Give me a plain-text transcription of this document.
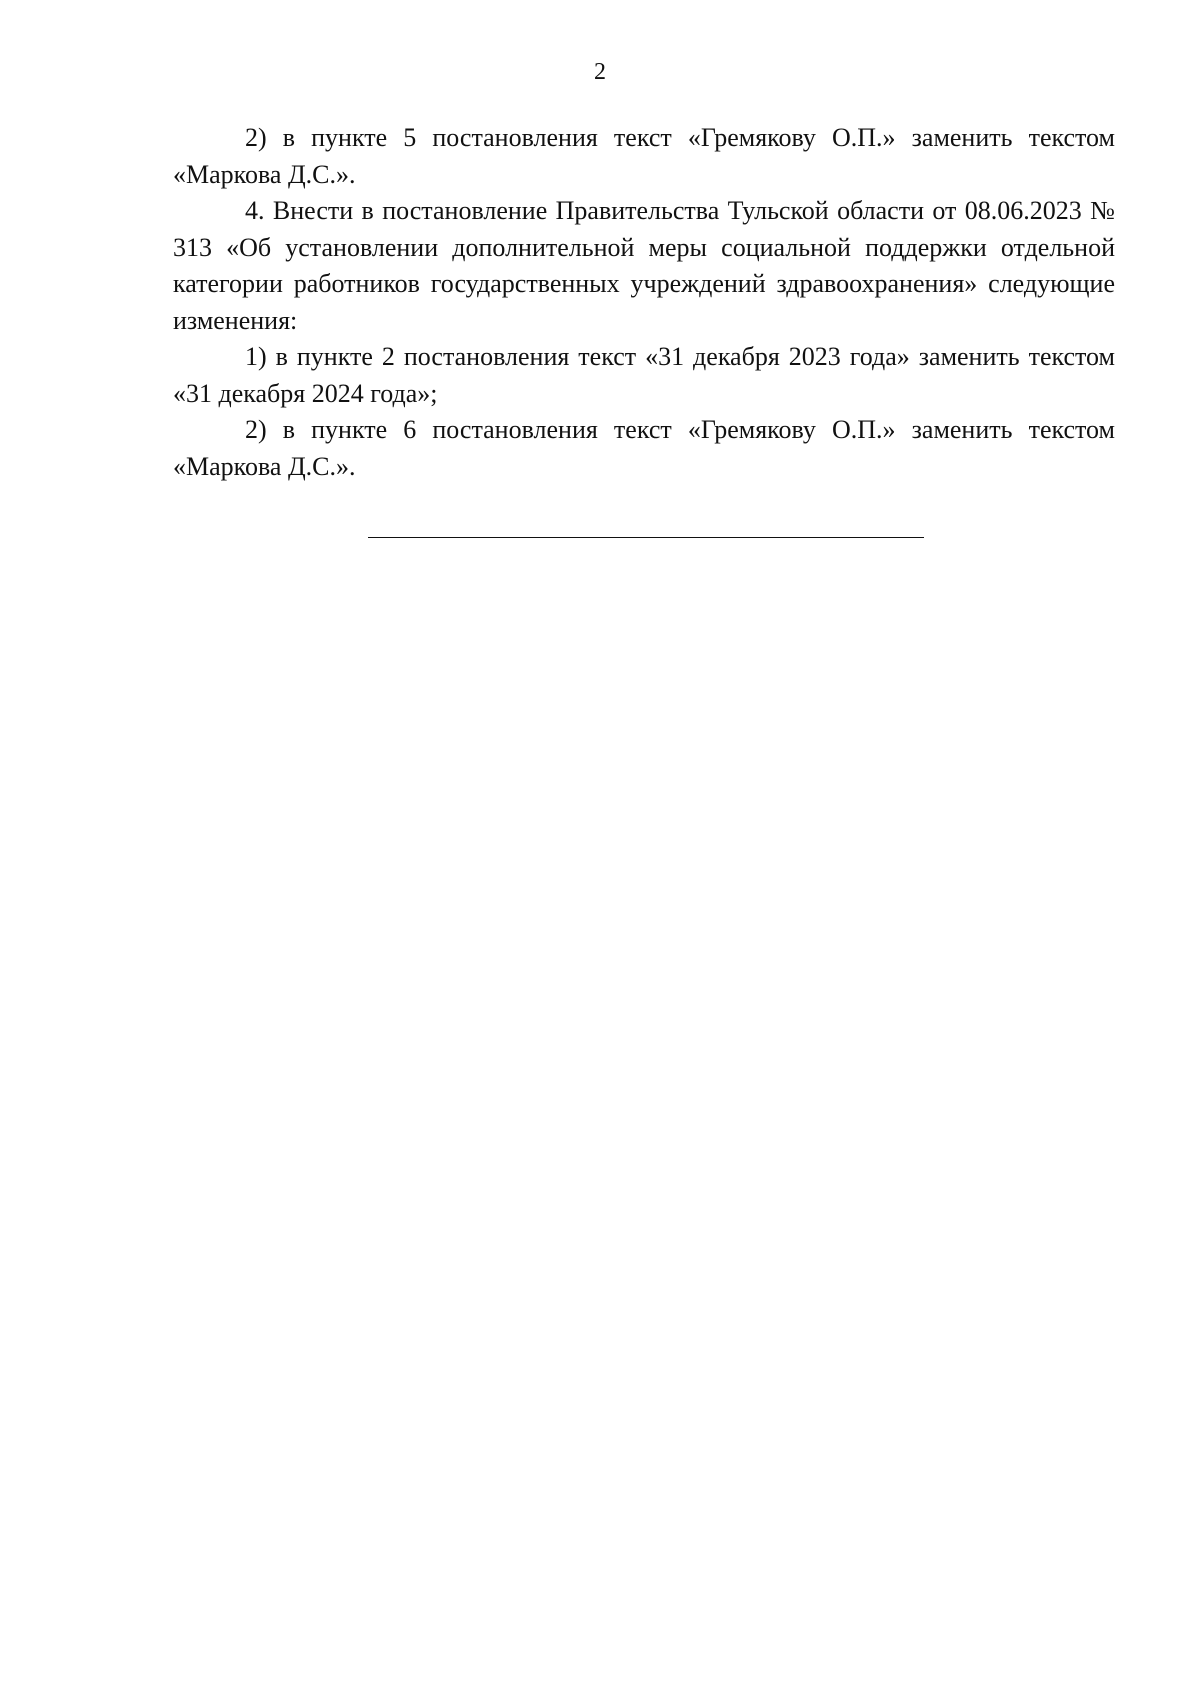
2

2) в пункте 5 постановления текст «Гремякову О.П.» заменить текстом «Маркова Д.С.».

4. Внести в постановление Правительства Тульской области от 08.06.2023 № 313 «Об установлении дополнительной меры социальной поддержки отдельной категории работников государственных учреждений здравоохранения» следующие изменения:

1) в пункте 2 постановления текст «31 декабря 2023 года» заменить текстом «31 декабря 2024 года»;

2) в пункте 6 постановления текст «Гремякову О.П.» заменить текстом «Маркова Д.С.».
